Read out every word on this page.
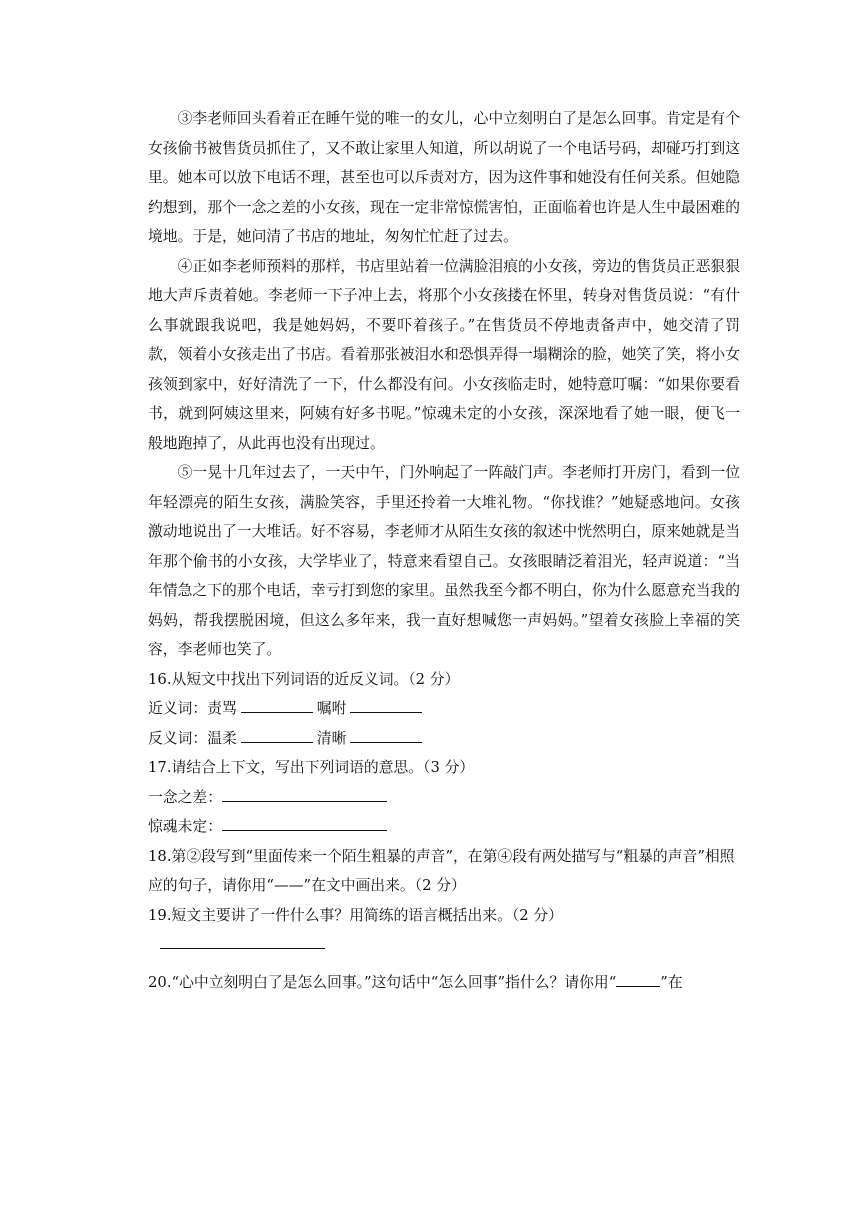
③李老师回头看着正在睡午觉的唯一的女儿，心中立刻明白了是怎么回事。肯定是有个女孩偷书被售货员抓住了，又不敢让家里人知道，所以胡说了一个电话号码，却碰巧打到这里。她本可以放下电话不理，甚至也可以斥责对方，因为这件事和她没有任何关系。但她隐约想到，那个一念之差的小女孩，现在一定非常惊慌害怕，正面临着也许是人生中最困难的境地。于是，她问清了书店的地址，匆匆忙忙赶了过去。

④正如李老师预料的那样，书店里站着一位满脸泪痕的小女孩，旁边的售货员正恶狠狠地大声斥责着她。李老师一下子冲上去，将那个小女孩搂在怀里，转身对售货员说：“有什么事就跟我说吧，我是她妈妈，不要吓着孩子。”在售货员不停地责备声中，她交清了罚款，领着小女孩走出了书店。看着那张被泪水和恐惧弄得一塌糊涂的脸，她笑了笑，将小女孩领到家中，好好清洗了一下，什么都没有问。小女孩临走时，她特意叮嘱：“如果你要看书，就到阿姨这里来，阿姨有好多书呢。”惊魂未定的小女孩，深深地看了她一眼，便飞一般地跑掉了，从此再也没有出现过。

⑤一晃十几年过去了，一天中午，门外响起了一阵敲门声。李老师打开房门，看到一位年轻漂亮的陌生女孩，满脸笑容，手里还拎着一大堆礼物。“你找谁？”她疑惑地问。女孩激动地说出了一大堆话。好不容易，李老师才从陌生女孩的叙述中恍然明白，原来她就是当年那个偷书的小女孩，大学毕业了，特意来看望自己。女孩眼睛泛着泪光，轻声说道：“当年情急之下的那个电话，幸亏打到您的家里。虽然我至今都不明白，你为什么愿意充当我的妈妈，帮我摆脱困境，但这么多年来，我一直好想喊您一声妈妈。”望着女孩脸上幸福的笑容，李老师也笑了。

16.从短文中找出下列词语的近反义词。（2 分）

近义词：责骂	嘱咐

反义词：温柔	清晰

17.请结合上下文，写出下列词语的意思。（3 分）

一念之差：

惊魂未定：

18.第②段写到“里面传来一个陌生粗暴的声音”，在第④段有两处描写与“粗暴的声音”相照应的句子，请你用“——”在文中画出来。（2 分）

19.短文主要讲了一件什么事？用简练的语言概括出来。（2 分）

20.“心中立刻明白了是怎么回事。”这句话中“怎么回事”指什么？请你用“	”在
